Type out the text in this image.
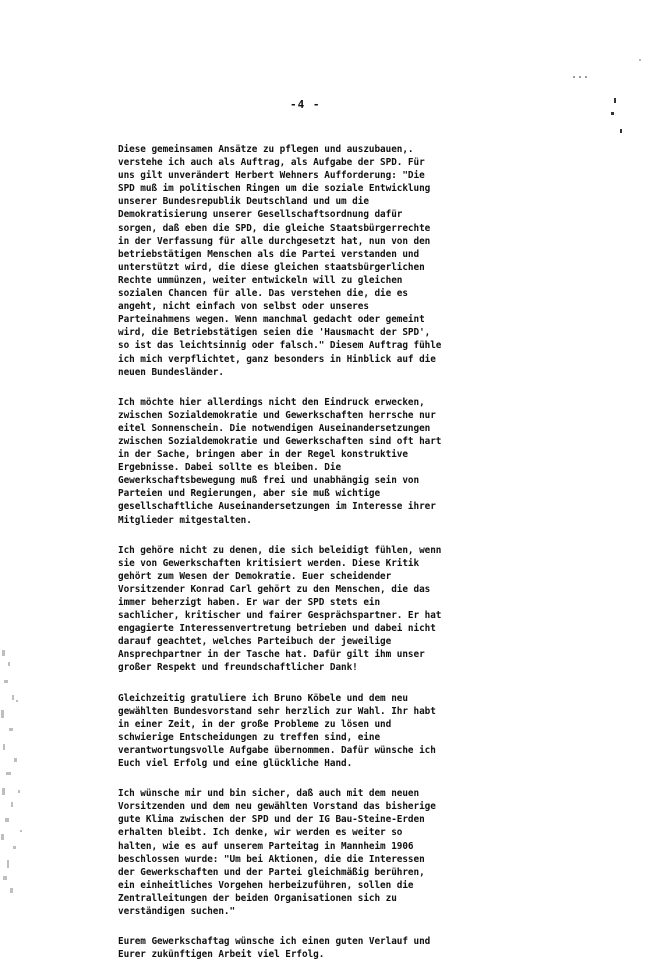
-4 -
Diese gemeinsamen Ansätze zu pflegen und auszubauen,.
verstehe ich auch als Auftrag, als Aufgabe der SPD. Für
uns gilt unverändert Herbert Wehners Aufforderung: "Die
SPD muß im politischen Ringen um die soziale Entwicklung
unserer Bundesrepublik Deutschland und um die
Demokratisierung unserer Gesellschaftsordnung dafür
sorgen, daß eben die SPD, die gleiche Staatsbürgerrechte
in der Verfassung für alle durchgesetzt hat, nun von den
betriebstätigen Menschen als die Partei verstanden und
unterstützt wird, die diese gleichen staatsbürgerlichen
Rechte ummünzen, weiter entwickeln will zu gleichen
sozialen Chancen für alle. Das verstehen die, die es
angeht, nicht einfach von selbst oder unseres
Parteinahmens wegen. Wenn manchmal gedacht oder gemeint
wird, die Betriebstätigen seien die 'Hausmacht der SPD',
so ist das leichtsinnig oder falsch." Diesem Auftrag fühle
ich mich verpflichtet, ganz besonders in Hinblick auf die
neuen Bundesländer.
Ich möchte hier allerdings nicht den Eindruck erwecken,
zwischen Sozialdemokratie und Gewerkschaften herrsche nur
eitel Sonnenschein. Die notwendigen Auseinandersetzungen
zwischen Sozialdemokratie und Gewerkschaften sind oft hart
in der Sache, bringen aber in der Regel konstruktive
Ergebnisse. Dabei sollte es bleiben. Die
Gewerkschaftsbewegung muß frei und unabhängig sein von
Parteien und Regierungen, aber sie muß wichtige
gesellschaftliche Auseinandersetzungen im Interesse ihrer
Mitglieder mitgestalten.
Ich gehöre nicht zu denen, die sich beleidigt fühlen, wenn
sie von Gewerkschaften kritisiert werden. Diese Kritik
gehört zum Wesen der Demokratie. Euer scheidender
Vorsitzender Konrad Carl gehört zu den Menschen, die das
immer beherzigt haben. Er war der SPD stets ein
sachlicher, kritischer und fairer Gesprächspartner. Er hat
engagierte Interessenvertretung betrieben und dabei nicht
darauf geachtet, welches Parteibuch der jeweilige
Ansprechpartner in der Tasche hat. Dafür gilt ihm unser
großer Respekt und freundschaftlicher Dank!
Gleichzeitig gratuliere ich Bruno Köbele und dem neu
gewählten Bundesvorstand sehr herzlich zur Wahl. Ihr habt
in einer Zeit, in der große Probleme zu lösen und
schwierige Entscheidungen zu treffen sind, eine
verantwortungsvolle Aufgabe übernommen. Dafür wünsche ich
Euch viel Erfolg und eine glückliche Hand.
Ich wünsche mir und bin sicher, daß auch mit dem neuen
Vorsitzenden und dem neu gewählten Vorstand das bisherige
gute Klima zwischen der SPD und der IG Bau-Steine-Erden
erhalten bleibt. Ich denke, wir werden es weiter so
halten, wie es auf unserem Parteitag in Mannheim 1906
beschlossen wurde: "Um bei Aktionen, die die Interessen
der Gewerkschaften und der Partei gleichmäßig berühren,
ein einheitliches Vorgehen herbeizuführen, sollen die
Zentralleitungen der beiden Organisationen sich zu
verständigen suchen."
Eurem Gewerkschaftag wünsche ich einen guten Verlauf und
Eurer zukünftigen Arbeit viel Erfolg.
